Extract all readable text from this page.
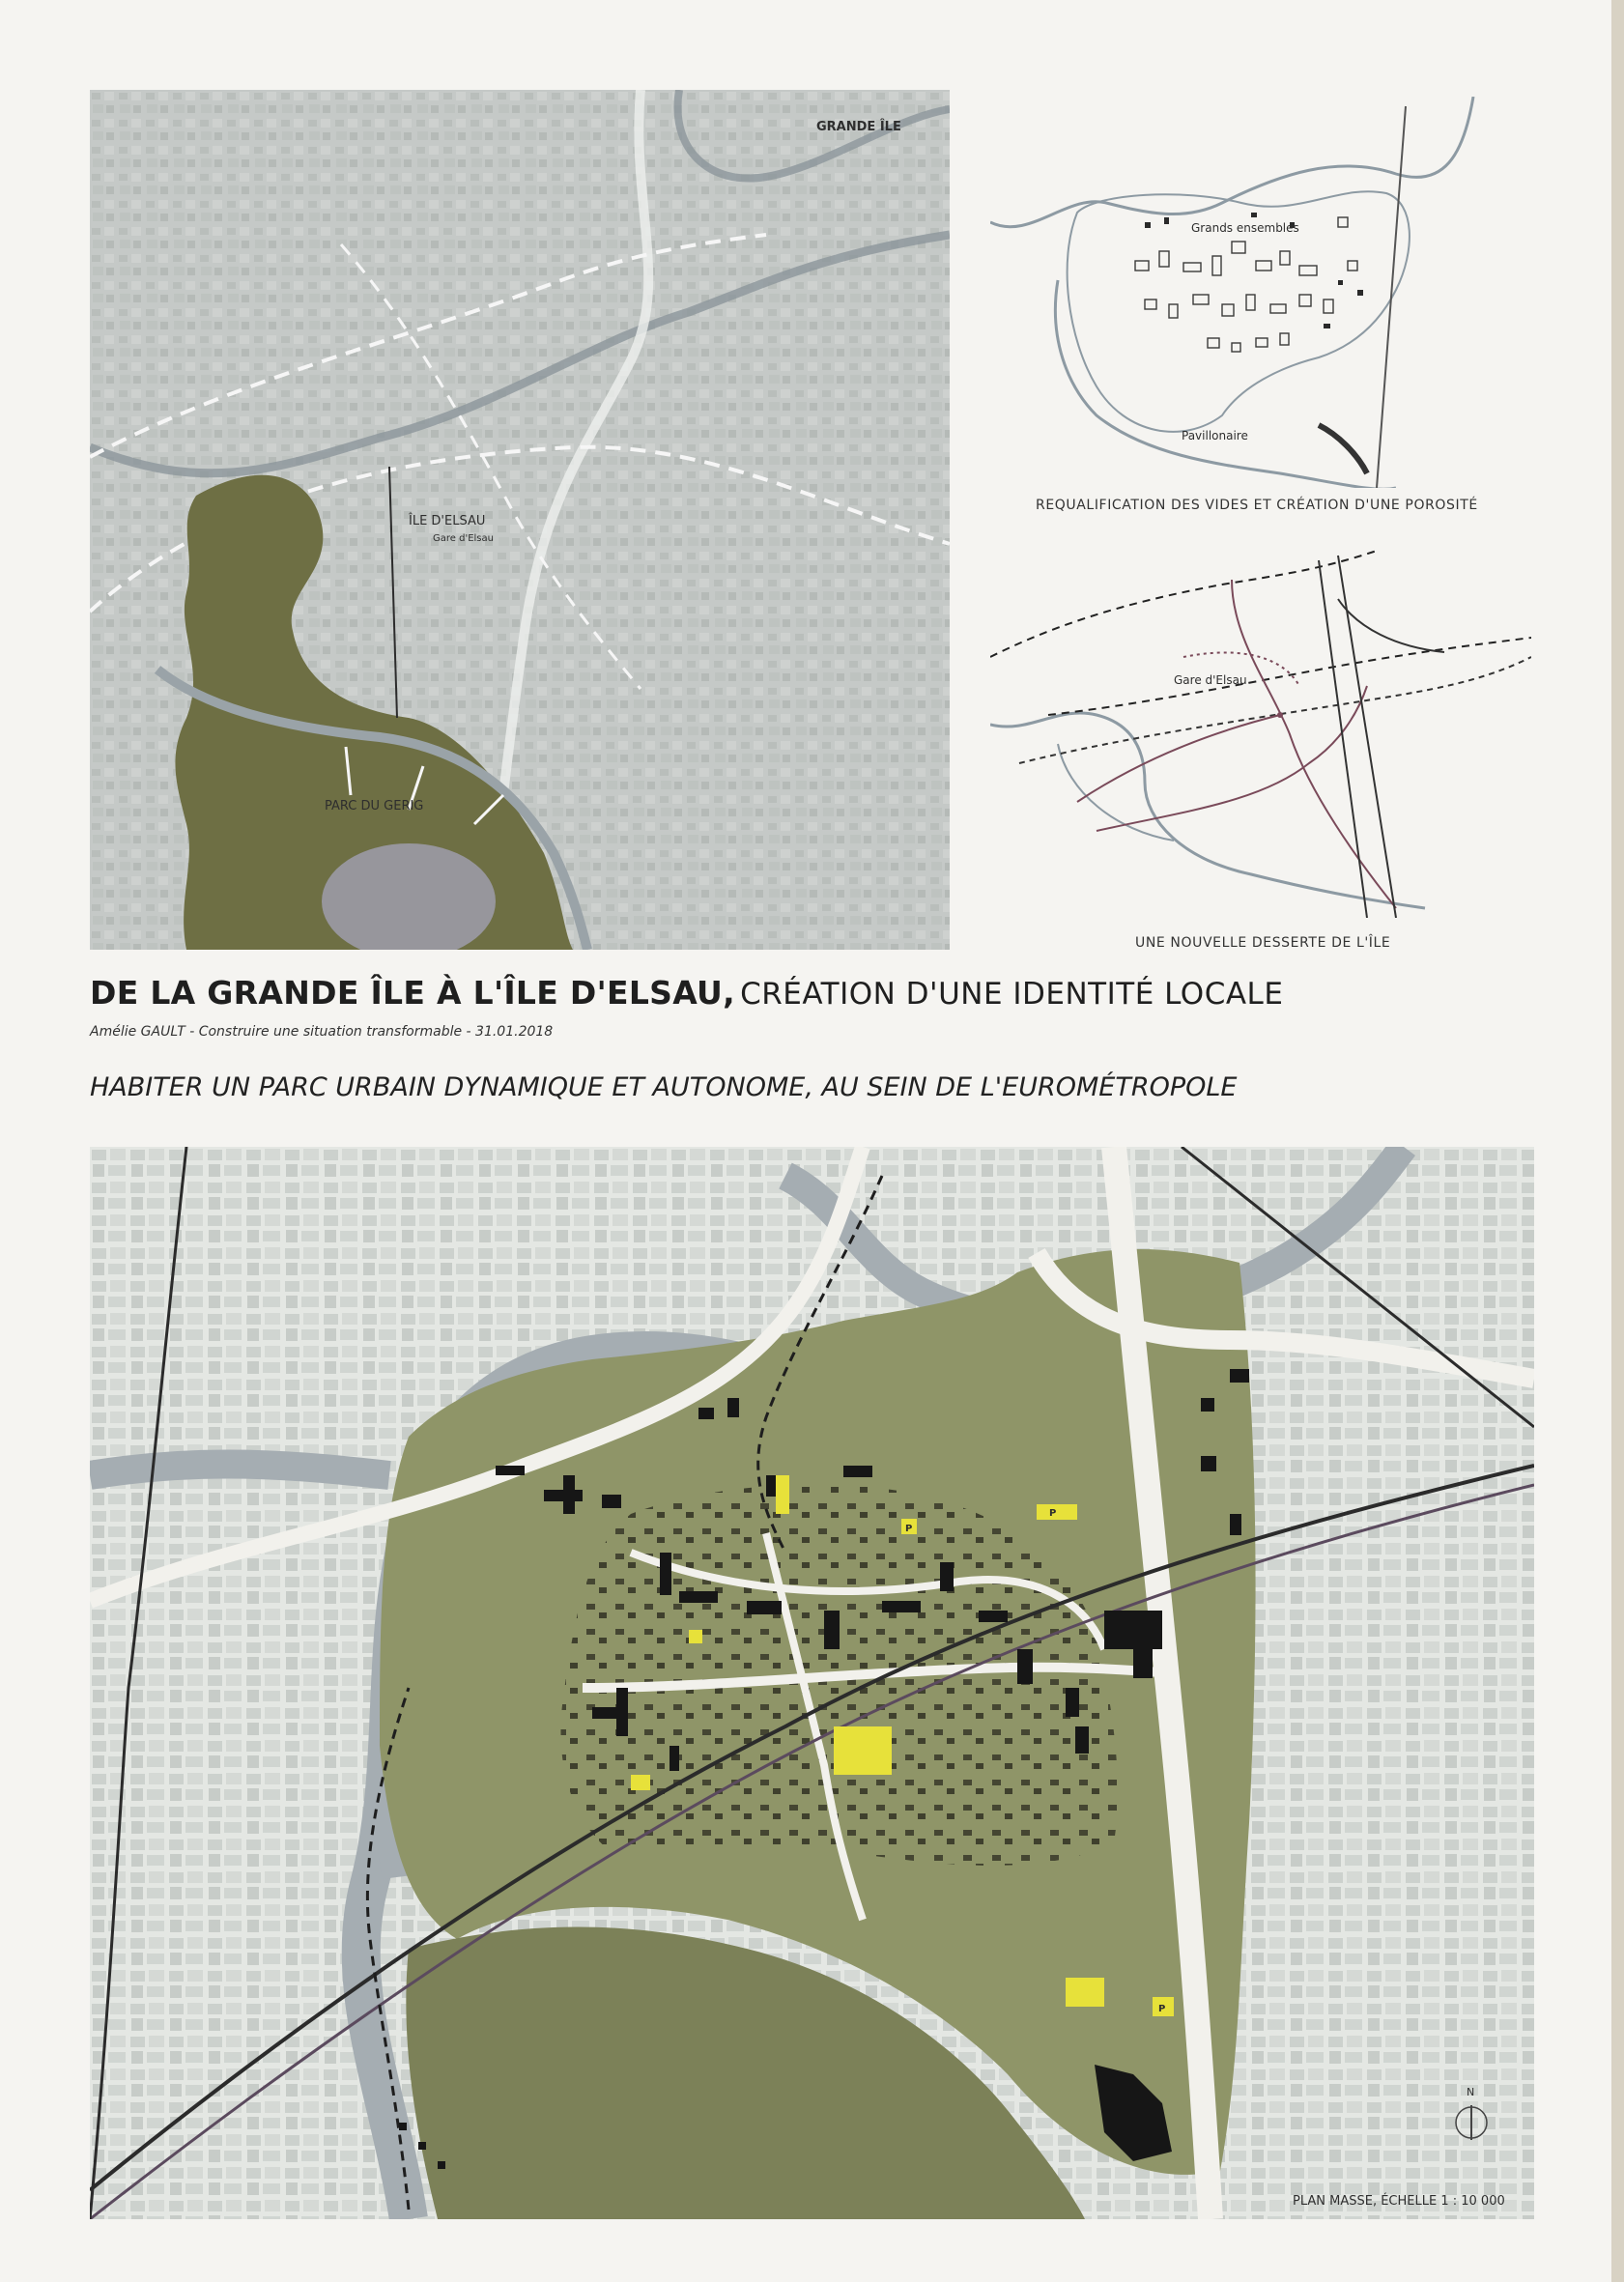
GRANDE ÎLE
ÎLE D'ELSAU
Gare d'Elsau
PARC DU GERIG
Grands ensembles
Pavillonaire
REQUALIFICATION DES VIDES ET CRÉATION D'UNE POROSITÉ
Gare d'Elsau
UNE NOUVELLE DESSERTE DE L'ÎLE
DE LA GRANDE ÎLE À L'ÎLE D'ELSAU, CRÉATION D'UNE IDENTITÉ LOCALE
Amélie GAULT - Construire une situation transformable - 31.01.2018
HABITER UN PARC URBAIN DYNAMIQUE ET AUTONOME, AU SEIN DE L'EUROMÉTROPOLE
P
P
P
N
PLAN MASSE, ÉCHELLE 1 : 10 000
